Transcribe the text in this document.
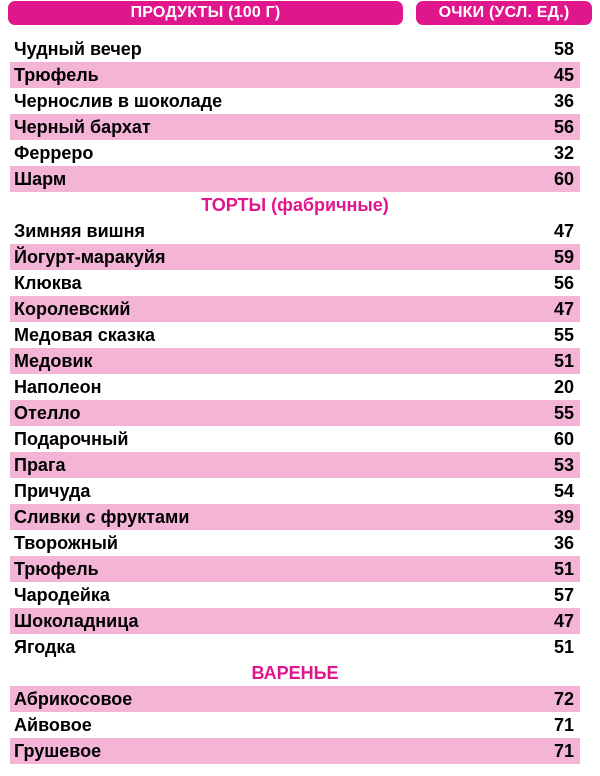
ПРОДУКТЫ (100 Г)	ОЧКИ (УСЛ. ЕД.)
Чудный вечер	58
Трюфель	45
Чернослив в шоколаде	36
Черный бархат	56
Ферреро	32
Шарм	60
ТОРТЫ (фабричные)
Зимняя вишня	47
Йогурт-маракуйя	59
Клюква	56
Королевский	47
Медовая сказка	55
Медовик	51
Наполеон	20
Отелло	55
Подарочный	60
Прага	53
Причуда	54
Сливки с фруктами	39
Творожный	36
Трюфель	51
Чародейка	57
Шоколадница	47
Ягодка	51
ВАРЕНЬЕ
Абрикосовое	72
Айвовое	71
Грушевое	71
